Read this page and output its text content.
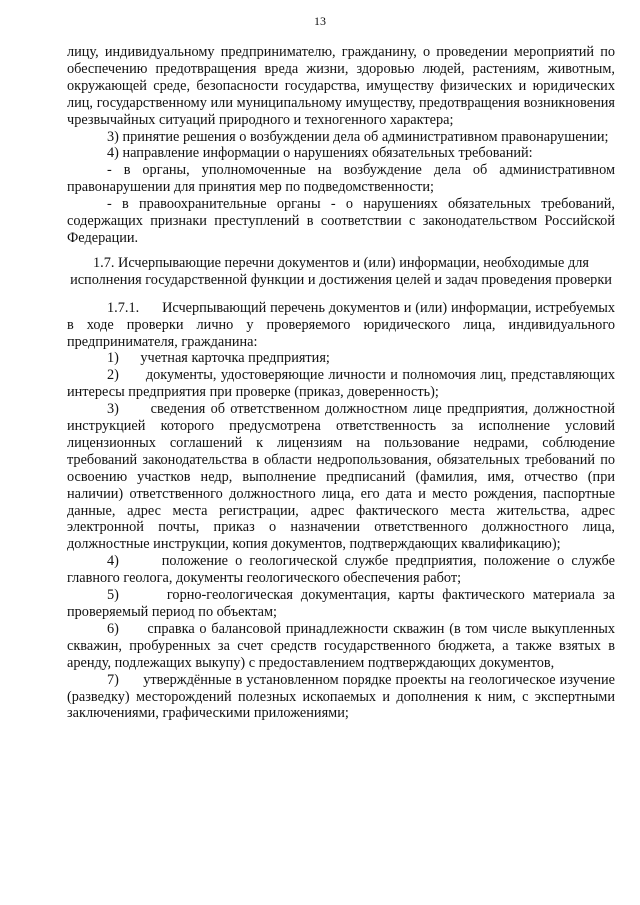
13

лицу, индивидуальному предпринимателю, гражданину, о проведении мероприятий по обеспечению предотвращения вреда жизни, здоровью людей, растениям, животным, окружающей среде, безопасности государства, имуществу физических и юридических лиц, государственному или муниципальному имуществу, предотвращения возникновения чрезвычайных ситуаций природного и техногенного характера;

3) принятие решения о возбуждении дела об административном правонарушении;

4) направление информации о нарушениях обязательных требований:

- в органы, уполномоченные на возбуждение дела об административном правонарушении для принятия мер по подведомственности;

- в правоохранительные органы - о нарушениях обязательных требований, содержащих признаки преступлений в соответствии с законодательством Российской Федерации.

1.7. Исчерпывающие перечни документов и (или) информации, необходимые для исполнения государственной функции и достижения целей и задач проведения проверки

1.7.1. Исчерпывающий перечень документов и (или) информации, истребуемых в ходе проверки лично у проверяемого юридического лица, индивидуального предпринимателя, гражданина:

1) учетная карточка предприятия;

2) документы, удостоверяющие личности и полномочия лиц, представляющих интересы предприятия при проверке (приказ, доверенность);

3) сведения об ответственном должностном лице предприятия, должностной инструкцией которого предусмотрена ответственность за исполнение условий лицензионных соглашений к лицензиям на пользование недрами, соблюдение требований законодательства в области недропользования, обязательных требований по освоению участков недр, выполнение предписаний (фамилия, имя, отчество (при наличии) ответственного должностного лица, его дата и место рождения, паспортные данные, адрес места регистрации, адрес фактического места жительства, адрес электронной почты, приказ о назначении ответственного должностного лица, должностные инструкции, копия документов, подтверждающих квалификацию);

4)	положение о геологической службе предприятия, положение о службе главного геолога, документы геологического обеспечения работ;

5)	горно-геологическая документация, карты фактического материала за проверяемый период по объектам;

6) справка о балансовой принадлежности скважин (в том числе выкупленных скважин, пробуренных за счет средств государственного бюджета, а также взятых в аренду, подлежащих выкупу) с предоставлением подтверждающих документов,

7) утверждённые в установленном порядке проекты на геологическое изучение (разведку) месторождений полезных ископаемых и дополнения к ним, с экспертными заключениями, графическими приложениями;
